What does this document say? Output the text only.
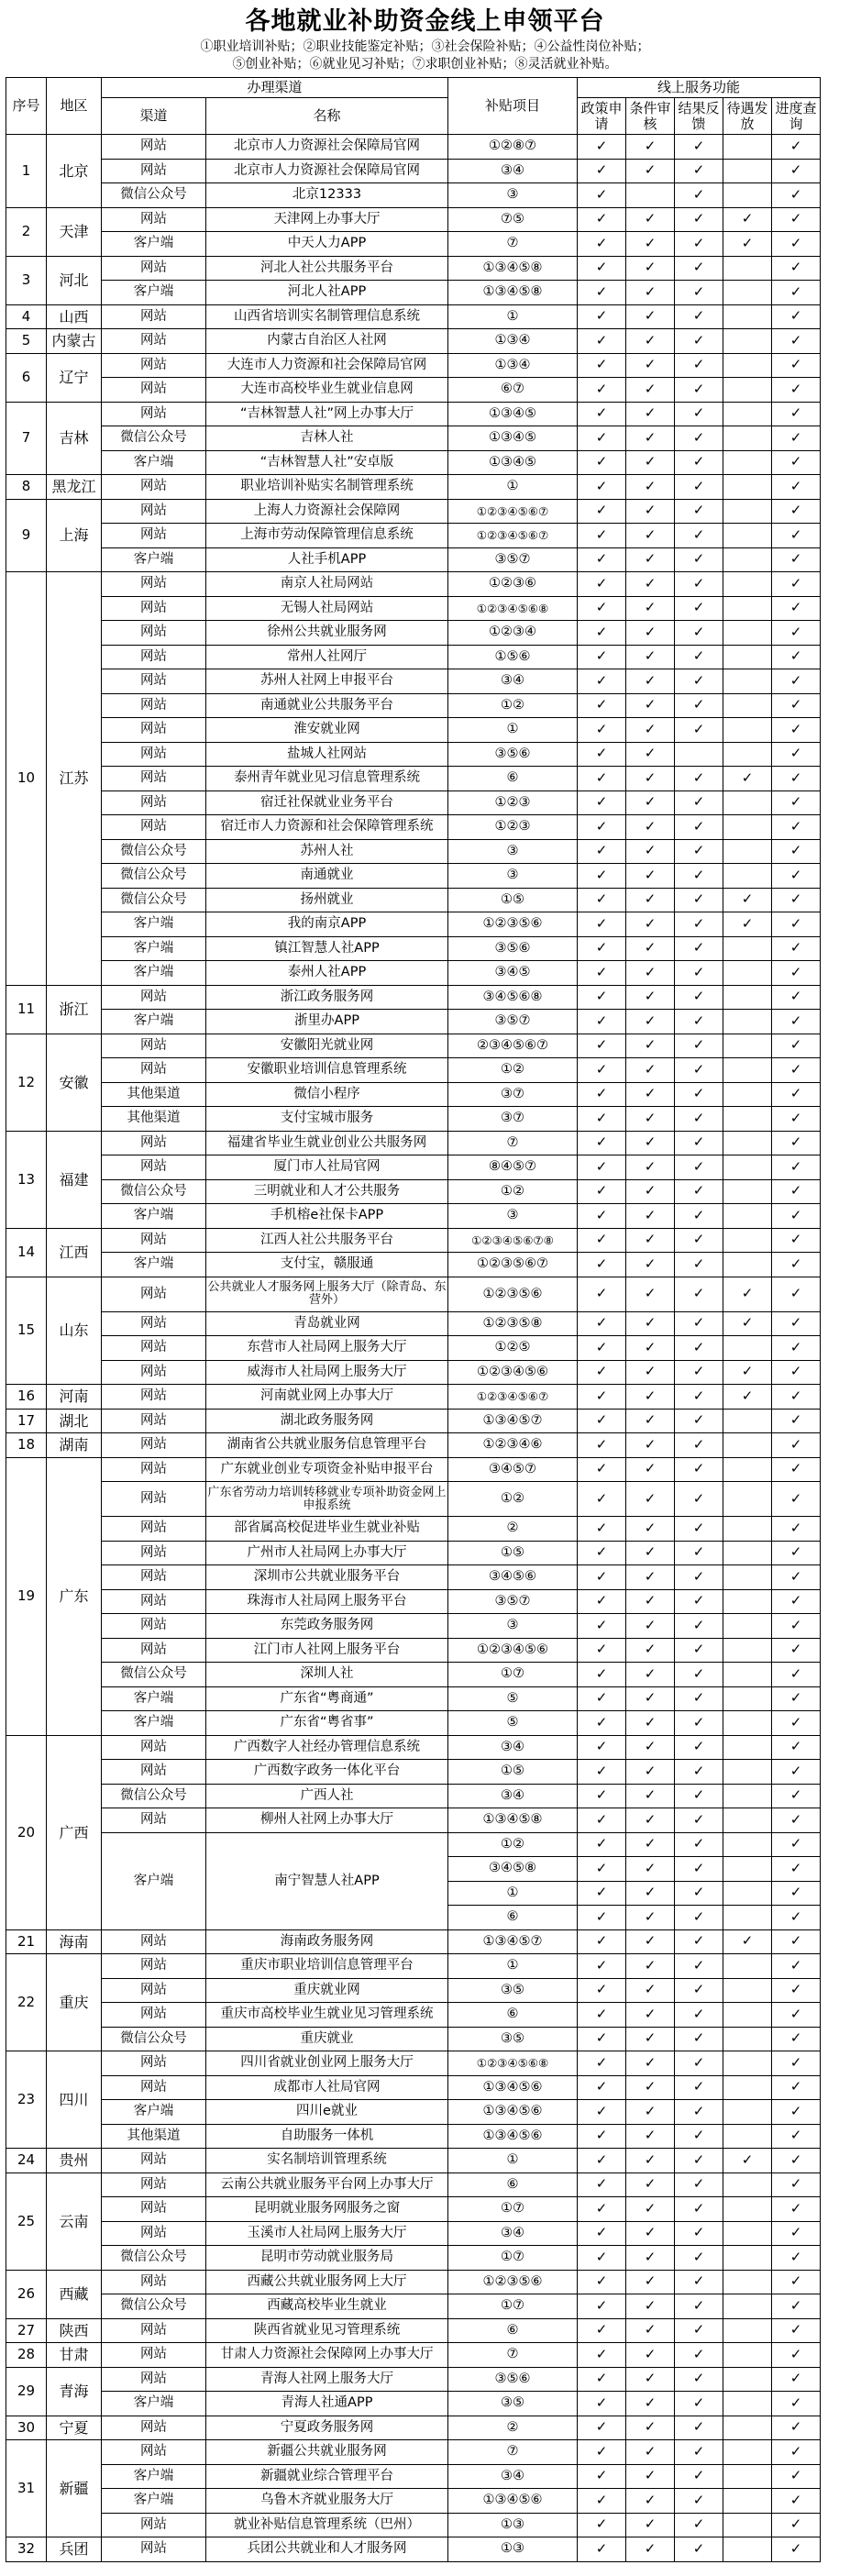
各地就业补助资金线上申领平台
①职业培训补贴；②职业技能鉴定补贴；③社会保险补贴；④公益性岗位补贴；
⑤创业补贴；⑥就业见习补贴；⑦求职创业补贴；⑧灵活就业补贴。
序号	地区	办理渠道		补贴项目	线上服务功能				
		渠道	名称		政策申请	条件审核	结果反馈	待遇发放	进度查询
1	北京	网站	北京市人力资源社会保障局官网	①②⑧⑦	✓	✓	✓		✓
		网站	北京市人力资源社会保障局官网	③④	✓	✓	✓		✓
		微信公众号	北京12333	③	✓		✓		✓
2	天津	网站	天津网上办事大厅	⑦⑤	✓	✓	✓	✓	✓
		客户端	中天人力APP	⑦	✓	✓	✓	✓	✓
3	河北	网站	河北人社公共服务平台	①③④⑤⑧	✓	✓	✓		✓
		客户端	河北人社APP	①③④⑤⑧	✓	✓	✓		✓
4	山西	网站	山西省培训实名制管理信息系统	①	✓	✓	✓		✓
5	内蒙古	网站	内蒙古自治区人社网	①③④	✓	✓	✓		✓
6	辽宁	网站	大连市人力资源和社会保障局官网	①③④	✓	✓	✓		✓
		网站	大连市高校毕业生就业信息网	⑥⑦	✓	✓	✓		✓
7	吉林	网站	“吉林智慧人社”网上办事大厅	①③④⑤	✓	✓	✓		✓
		微信公众号	吉林人社	①③④⑤	✓	✓	✓		✓
		客户端	“吉林智慧人社”安卓版	①③④⑤	✓	✓	✓		✓
8	黑龙江	网站	职业培训补贴实名制管理系统	①	✓	✓	✓		✓
9	上海	网站	上海人力资源社会保障网	①②③④⑤⑥⑦	✓	✓	✓		✓
		网站	上海市劳动保障管理信息系统	①②③④⑤⑥⑦	✓	✓	✓		✓
		客户端	人社手机APP	③⑤⑦	✓	✓	✓		✓
10	江苏	网站	南京人社局网站	①②③⑥	✓	✓	✓		✓
		网站	无锡人社局网站	①②③④⑤⑥⑧	✓	✓	✓		✓
		网站	徐州公共就业服务网	①②③④	✓	✓	✓		✓
		网站	常州人社网厅	①⑤⑥	✓	✓	✓		✓
		网站	苏州人社网上申报平台	③④	✓	✓	✓		✓
		网站	南通就业公共服务平台	①②	✓	✓	✓		✓
		网站	淮安就业网	①	✓	✓	✓		✓
		网站	盐城人社网站	③⑤⑥	✓	✓			✓
		网站	泰州青年就业见习信息管理系统	⑥	✓	✓	✓	✓	✓
		网站	宿迁社保就业业务平台	①②③	✓	✓	✓		✓
		网站	宿迁市人力资源和社会保障管理系统	①②③	✓	✓	✓		✓
		微信公众号	苏州人社	③	✓	✓	✓		✓
		微信公众号	南通就业	③	✓	✓	✓		✓
		微信公众号	扬州就业	①⑤	✓	✓	✓	✓	✓
		客户端	我的南京APP	①②③⑤⑥	✓	✓	✓	✓	✓
		客户端	镇江智慧人社APP	③⑤⑥	✓	✓	✓		✓
		客户端	泰州人社APP	③④⑤	✓	✓	✓		✓
11	浙江	网站	浙江政务服务网	③④⑤⑥⑧	✓	✓	✓		✓
		客户端	浙里办APP	③⑤⑦	✓	✓	✓		✓
12	安徽	网站	安徽阳光就业网	②③④⑤⑥⑦	✓	✓	✓		✓
		网站	安徽职业培训信息管理系统	①②	✓	✓	✓		✓
		其他渠道	微信小程序	③⑦	✓	✓	✓		✓
		其他渠道	支付宝城市服务	③⑦	✓	✓	✓		✓
13	福建	网站	福建省毕业生就业创业公共服务网	⑦	✓	✓	✓		✓
		网站	厦门市人社局官网	⑧④⑤⑦	✓	✓	✓		✓
		微信公众号	三明就业和人才公共服务	①②	✓	✓	✓		✓
		客户端	手机榕e社保卡APP	③	✓	✓	✓		✓
14	江西	网站	江西人社公共服务平台	①②③④⑤⑥⑦⑧	✓	✓	✓		✓
		客户端	支付宝，赣服通	①②③⑤⑥⑦	✓	✓	✓		✓
15	山东	网站	公共就业人才服务网上服务大厅（除青岛、东营外）	①②③⑤⑥	✓	✓	✓	✓	✓
		网站	青岛就业网	①②③⑤⑧	✓	✓	✓	✓	✓
		网站	东营市人社局网上服务大厅	①②⑤	✓	✓	✓		✓
		网站	威海市人社局网上服务大厅	①②③④⑤⑥	✓	✓	✓	✓	✓
16	河南	网站	河南就业网上办事大厅	①②③④⑤⑥⑦	✓	✓	✓	✓	✓
17	湖北	网站	湖北政务服务网	①③④⑤⑦	✓	✓	✓		✓
18	湖南	网站	湖南省公共就业服务信息管理平台	①②③④⑥	✓	✓	✓		✓
19	广东	网站	广东就业创业专项资金补贴申报平台	③④⑤⑦	✓	✓	✓		✓
		网站	广东省劳动力培训转移就业专项补助资金网上申报系统	①②	✓	✓	✓		✓
		网站	部省属高校促进毕业生就业补贴	②	✓	✓	✓		✓
		网站	广州市人社局网上办事大厅	①⑤	✓	✓	✓		✓
		网站	深圳市公共就业服务平台	③④⑤⑥	✓	✓	✓		✓
		网站	珠海市人社局网上服务平台	③⑤⑦	✓	✓	✓		✓
		网站	东莞政务服务网	③	✓	✓	✓		✓
		网站	江门市人社网上服务平台	①②③④⑤⑥	✓	✓	✓		✓
		微信公众号	深圳人社	①⑦	✓	✓	✓		✓
		客户端	广东省“粤商通”	⑤	✓	✓	✓		✓
		客户端	广东省“粤省事”	⑤	✓	✓	✓		✓
20	广西	网站	广西数字人社经办管理信息系统	③④	✓	✓	✓		✓
		网站	广西数字政务一体化平台	①⑤	✓	✓	✓		✓
		微信公众号	广西人社	③④	✓	✓	✓		✓
		网站	柳州人社网上办事大厅	①③④⑤⑧	✓	✓	✓		✓
		客户端	南宁智慧人社APP	①②	✓	✓	✓		✓
				③④⑤⑧	✓	✓	✓		✓
				①	✓	✓	✓		✓
				⑥	✓	✓	✓		✓
21	海南	网站	海南政务服务网	①③④⑤⑦	✓	✓	✓	✓	✓
22	重庆	网站	重庆市职业培训信息管理平台	①	✓	✓	✓		✓
		网站	重庆就业网	③⑤	✓	✓	✓		✓
		网站	重庆市高校毕业生就业见习管理系统	⑥	✓	✓	✓		✓
		微信公众号	重庆就业	③⑤	✓	✓	✓		✓
23	四川	网站	四川省就业创业网上服务大厅	①②③④⑤⑥⑧	✓	✓	✓		✓
		网站	成都市人社局官网	①③④⑤⑥	✓	✓	✓		✓
		客户端	四川e就业	①③④⑤⑥	✓	✓	✓		✓
		其他渠道	自助服务一体机	①③④⑤⑥	✓	✓	✓		✓
24	贵州	网站	实名制培训管理系统	①	✓	✓	✓	✓	✓
25	云南	网站	云南公共就业服务平台网上办事大厅	⑥	✓	✓	✓		✓
		网站	昆明就业服务网服务之窗	①⑦	✓	✓	✓		✓
		网站	玉溪市人社局网上服务大厅	③④	✓	✓	✓		✓
		微信公众号	昆明市劳动就业服务局	①⑦	✓	✓	✓		✓
26	西藏	网站	西藏公共就业服务网上大厅	①②③⑤⑥	✓	✓	✓		✓
		微信公众号	西藏高校毕业生就业	①⑦	✓	✓	✓		✓
27	陕西	网站	陕西省就业见习管理系统	⑥	✓	✓	✓		✓
28	甘肃	网站	甘肃人力资源社会保障网上办事大厅	⑦	✓	✓	✓		✓
29	青海	网站	青海人社网上服务大厅	③⑤⑥	✓	✓	✓		✓
		客户端	青海人社通APP	③⑤	✓	✓	✓		✓
30	宁夏	网站	宁夏政务服务网	②	✓	✓	✓		✓
31	新疆	网站	新疆公共就业服务网	⑦	✓	✓	✓		✓
		客户端	新疆就业综合管理平台	③④	✓	✓	✓		✓
		客户端	乌鲁木齐就业服务大厅	①③④⑤⑥	✓	✓	✓		✓
		网站	就业补贴信息管理系统（巴州）	①③	✓	✓	✓		✓
32	兵团	网站	兵团公共就业和人才服务网	①③	✓	✓	✓		✓
